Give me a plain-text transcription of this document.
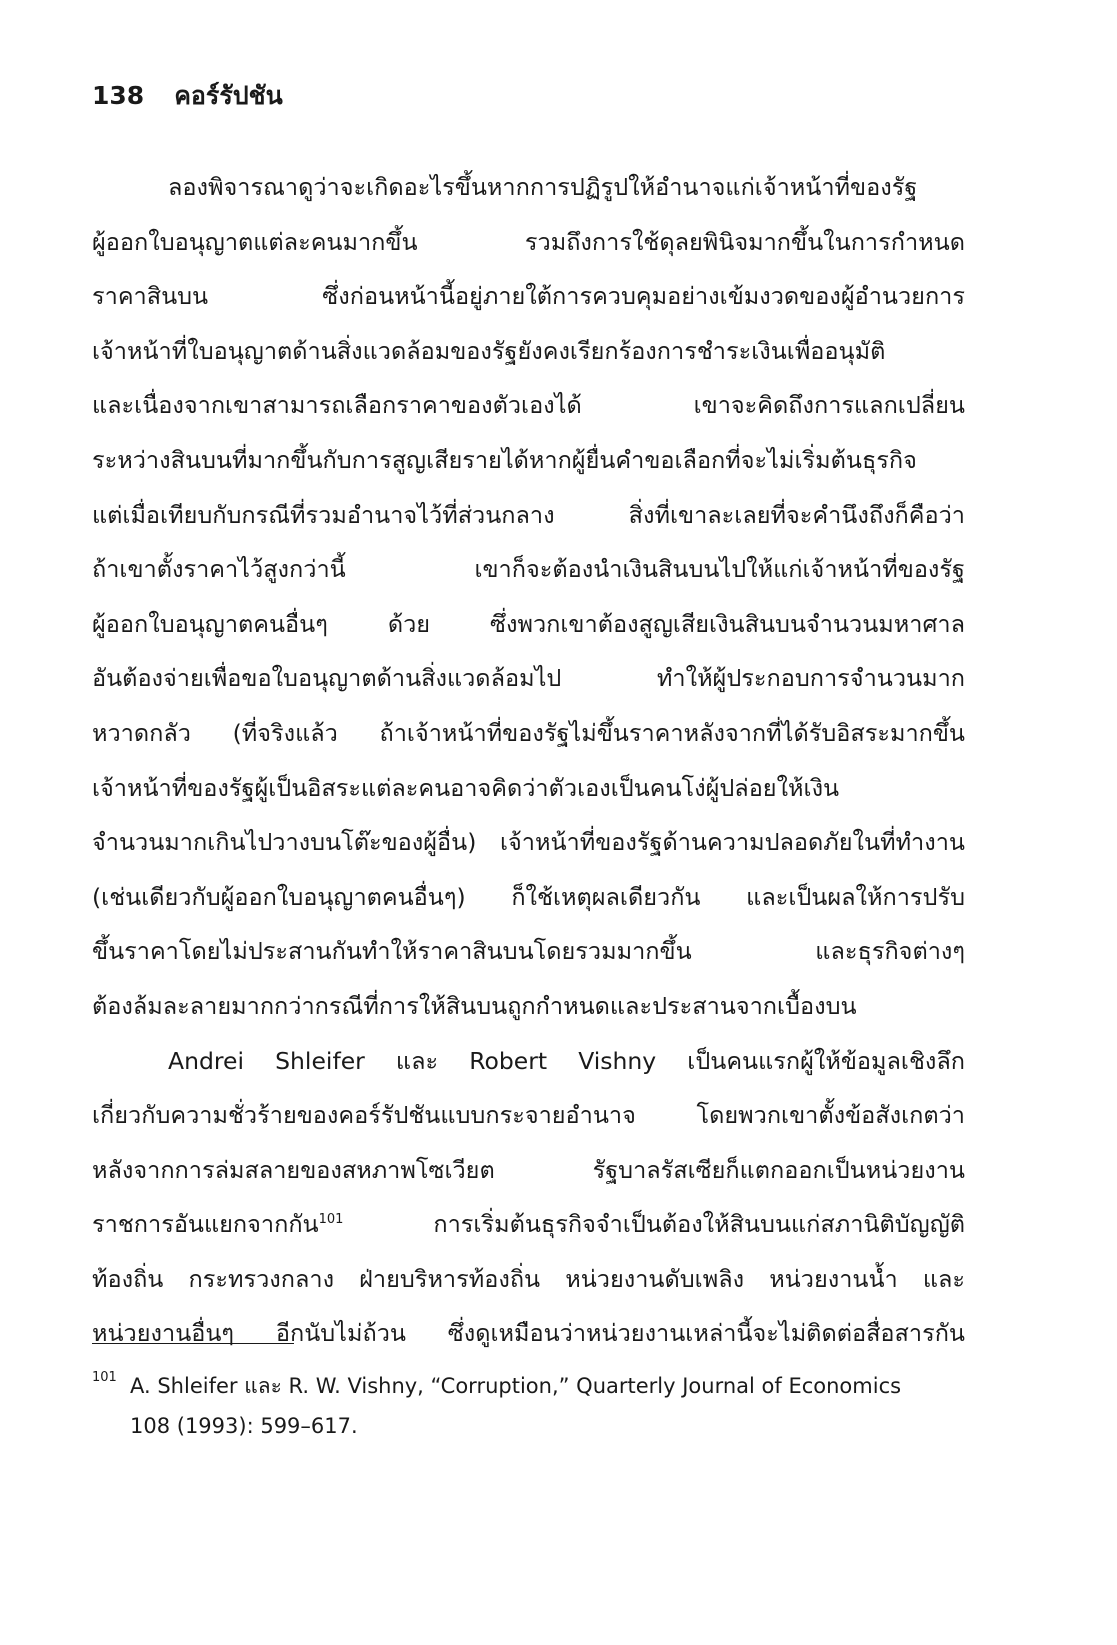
138 คอร์รัปชัน
ลองพิจารณาดูว่าจะเกิดอะไรขึ้นหากการปฏิรูปให้อำนาจแก่เจ้าหน้าที่ของรัฐ
ผู้ออกใบอนุญาตแต่ละคนมากขึ้น รวมถึงการใช้ดุลยพินิจมากขึ้นในการกำหนด
ราคาสินบน ซึ่งก่อนหน้านี้อยู่ภายใต้การควบคุมอย่างเข้มงวดของผู้อำนวยการ
เจ้าหน้าที่ใบอนุญาตด้านสิ่งแวดล้อมของรัฐยังคงเรียกร้องการชำระเงินเพื่ออนุมัติ
และเนื่องจากเขาสามารถเลือกราคาของตัวเองได้ เขาจะคิดถึงการแลกเปลี่ยน
ระหว่างสินบนที่มากขึ้นกับการสูญเสียรายได้หากผู้ยื่นคำขอเลือกที่จะไม่เริ่มต้นธุรกิจ
แต่เมื่อเทียบกับกรณีที่รวมอำนาจไว้ที่ส่วนกลาง สิ่งที่เขาละเลยที่จะคำนึงถึงก็คือว่า
ถ้าเขาตั้งราคาไว้สูงกว่านี้ เขาก็จะต้องนำเงินสินบนไปให้แก่เจ้าหน้าที่ของรัฐ
ผู้ออกใบอนุญาตคนอื่นๆ ด้วย ซึ่งพวกเขาต้องสูญเสียเงินสินบนจำนวนมหาศาล
อันต้องจ่ายเพื่อขอใบอนุญาตด้านสิ่งแวดล้อมไป ทำให้ผู้ประกอบการจำนวนมาก
หวาดกลัว (ที่จริงแล้ว ถ้าเจ้าหน้าที่ของรัฐไม่ขึ้นราคาหลังจากที่ได้รับอิสระมากขึ้น
เจ้าหน้าที่ของรัฐผู้เป็นอิสระแต่ละคนอาจคิดว่าตัวเองเป็นคนโง่ผู้ปล่อยให้เงิน
จำนวนมากเกินไปวางบนโต๊ะของผู้อื่น) เจ้าหน้าที่ของรัฐด้านความปลอดภัยในที่ทำงาน
(เช่นเดียวกับผู้ออกใบอนุญาตคนอื่นๆ) ก็ใช้เหตุผลเดียวกัน และเป็นผลให้การปรับ
ขึ้นราคาโดยไม่ประสานกันทำให้ราคาสินบนโดยรวมมากขึ้น และธุรกิจต่างๆ
ต้องล้มละลายมากกว่ากรณีที่การให้สินบนถูกกำหนดและประสานจากเบื้องบน
Andrei Shleifer และ Robert Vishny เป็นคนแรกผู้ให้ข้อมูลเชิงลึก
เกี่ยวกับความชั่วร้ายของคอร์รัปชันแบบกระจายอำนาจ โดยพวกเขาตั้งข้อสังเกตว่า
หลังจากการล่มสลายของสหภาพโซเวียต รัฐบาลรัสเซียก็แตกออกเป็นหน่วยงาน
ราชการอันแยกจากกัน$^{101}$ การเริ่มต้นธุรกิจจำเป็นต้องให้สินบนแก่สภานิติบัญญัติ
ท้องถิ่น กระทรวงกลาง ฝ่ายบริหารท้องถิ่น หน่วยงานดับเพลิง หน่วยงานน้ำ และ
หน่วยงานอื่นๆ อีกนับไม่ถ้วน ซึ่งดูเหมือนว่าหน่วยงานเหล่านี้จะไม่ติดต่อสื่อสารกัน
101 A. Shleifer และ R. W. Vishny, “Corruption,” Quarterly Journal of Economics
108 (1993): 599–617.
